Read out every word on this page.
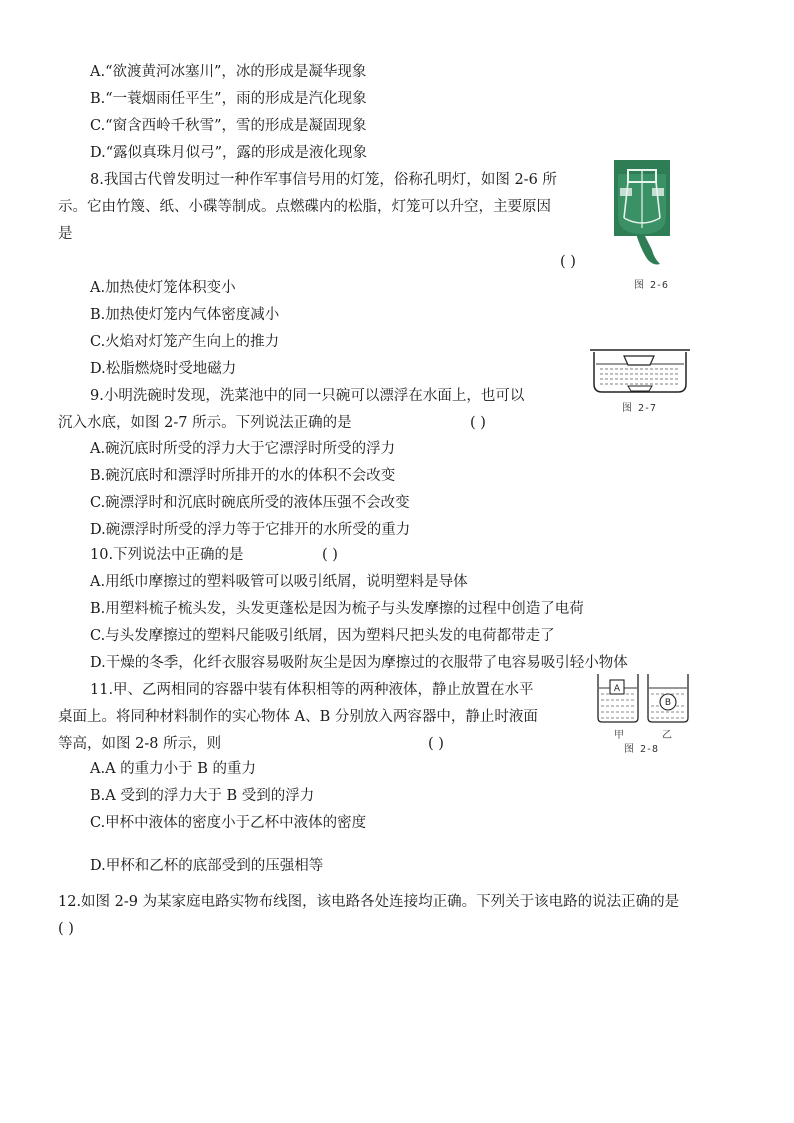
A.“欲渡黄河冰塞川”，冰的形成是凝华现象
B.“一蓑烟雨任平生”，雨的形成是汽化现象
C.“窗含西岭千秋雪”，雪的形成是凝固现象
D.“露似真珠月似弓”，露的形成是液化现象
8.我国古代曾发明过一种作军事信号用的灯笼，俗称孔明灯，如图 2-6 所
示。它由竹篾、纸、小碟等制成。点燃碟内的松脂，灯笼可以升空，主要原因
是
( )
A.加热使灯笼体积变小
B.加热使灯笼内气体密度减小
C.火焰对灯笼产生向上的推力
D.松脂燃烧时受地磁力
图 2-6
9.小明洗碗时发现，洗菜池中的同一只碗可以漂浮在水面上，也可以
沉入水底，如图 2-7 所示。下列说法正确的是	( )
A.碗沉底时所受的浮力大于它漂浮时所受的浮力
B.碗沉底时和漂浮时所排开的水的体积不会改变
C.碗漂浮时和沉底时碗底所受的液体压强不会改变
D.碗漂浮时所受的浮力等于它排开的水所受的重力
图 2-7
10.下列说法中正确的是	( )
A.用纸巾摩擦过的塑料吸管可以吸引纸屑，说明塑料是导体
B.用塑料梳子梳头发，头发更蓬松是因为梳子与头发摩擦的过程中创造了电荷
C.与头发摩擦过的塑料尺能吸引纸屑，因为塑料尺把头发的电荷都带走了
D.干燥的冬季，化纤衣服容易吸附灰尘是因为摩擦过的衣服带了电容易吸引轻小物体
11.甲、乙两相同的容器中装有体积相等的两种液体，静止放置在水平
桌面上。将同种材料制作的实心物体 A、B 分别放入两容器中，静止时液面
等高，如图 2-8 所示，则	( )
A.A 的重力小于 B 的重力
B.A 受到的浮力大于 B 受到的浮力
C.甲杯中液体的密度小于乙杯中液体的密度
D.甲杯和乙杯的底部受到的压强相等
A
B
甲	乙
图 2-8
12.如图 2-9 为某家庭电路实物布线图，该电路各处连接均正确。下列关于该电路的说法正确的是
( )
